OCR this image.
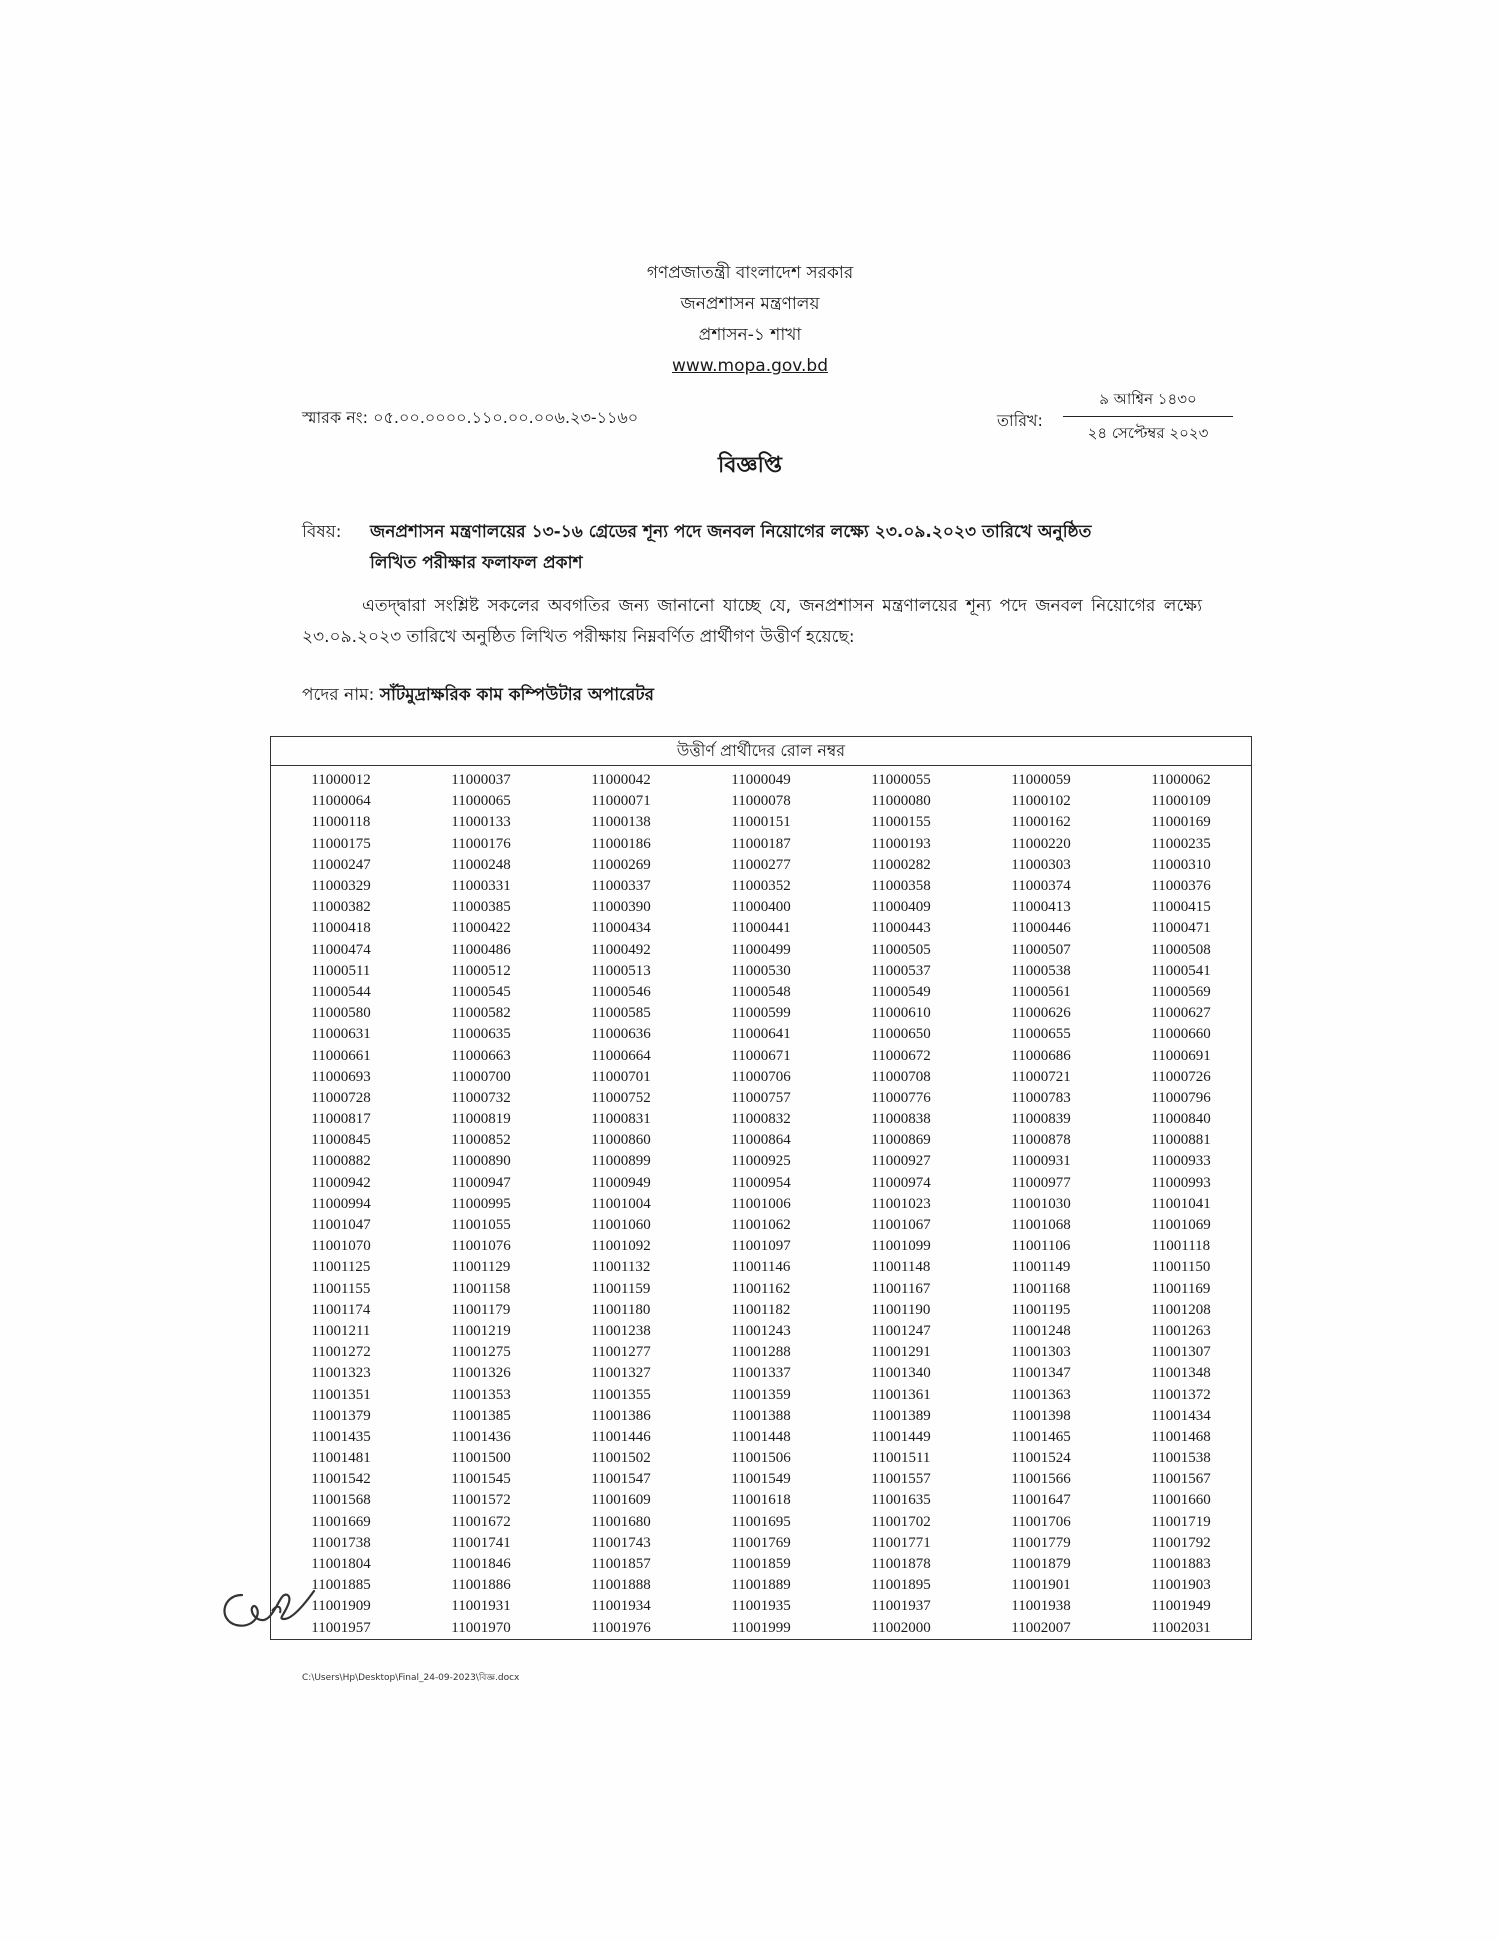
গণপ্রজাতন্ত্রী বাংলাদেশ সরকার
জনপ্রশাসন মন্ত্রণালয়
প্রশাসন-১ শাখা
www.mopa.gov.bd
স্মারক নং: ০৫.০০.০০০০.১১০.০০.০০৬.২৩-১১৬০	তারিখ:
৯ আশ্বিন ১৪৩০
২৪ সেপ্টেম্বর ২০২৩
বিজ্ঞপ্তি
বিষয়: জনপ্রশাসন মন্ত্রণালয়ের ১৩-১৬ গ্রেডের শূন্য পদে জনবল নিয়োগের লক্ষ্যে ২৩.০৯.২০২৩ তারিখে অনুষ্ঠিত
লিখিত পরীক্ষার ফলাফল প্রকাশ
এতদ্দ্বারা সংশ্লিষ্ট সকলের অবগতির জন্য জানানো যাচ্ছে যে, জনপ্রশাসন মন্ত্রণালয়ের শূন্য পদে জনবল নিয়োগের লক্ষ্যে ২৩.০৯.২০২৩ তারিখে অনুষ্ঠিত লিখিত পরীক্ষায় নিম্নবর্ণিত প্রার্থীগণ উত্তীর্ণ হয়েছে:
পদের নাম: সাঁটমুদ্রাক্ষরিক কাম কম্পিউটার অপারেটর
উত্তীর্ণ প্রার্থীদের রোল নম্বর
11000012	11000037	11000042	11000049	11000055	11000059	11000062
11000064	11000065	11000071	11000078	11000080	11000102	11000109
11000118	11000133	11000138	11000151	11000155	11000162	11000169
11000175	11000176	11000186	11000187	11000193	11000220	11000235
11000247	11000248	11000269	11000277	11000282	11000303	11000310
11000329	11000331	11000337	11000352	11000358	11000374	11000376
11000382	11000385	11000390	11000400	11000409	11000413	11000415
11000418	11000422	11000434	11000441	11000443	11000446	11000471
11000474	11000486	11000492	11000499	11000505	11000507	11000508
11000511	11000512	11000513	11000530	11000537	11000538	11000541
11000544	11000545	11000546	11000548	11000549	11000561	11000569
11000580	11000582	11000585	11000599	11000610	11000626	11000627
11000631	11000635	11000636	11000641	11000650	11000655	11000660
11000661	11000663	11000664	11000671	11000672	11000686	11000691
11000693	11000700	11000701	11000706	11000708	11000721	11000726
11000728	11000732	11000752	11000757	11000776	11000783	11000796
11000817	11000819	11000831	11000832	11000838	11000839	11000840
11000845	11000852	11000860	11000864	11000869	11000878	11000881
11000882	11000890	11000899	11000925	11000927	11000931	11000933
11000942	11000947	11000949	11000954	11000974	11000977	11000993
11000994	11000995	11001004	11001006	11001023	11001030	11001041
11001047	11001055	11001060	11001062	11001067	11001068	11001069
11001070	11001076	11001092	11001097	11001099	11001106	11001118
11001125	11001129	11001132	11001146	11001148	11001149	11001150
11001155	11001158	11001159	11001162	11001167	11001168	11001169
11001174	11001179	11001180	11001182	11001190	11001195	11001208
11001211	11001219	11001238	11001243	11001247	11001248	11001263
11001272	11001275	11001277	11001288	11001291	11001303	11001307
11001323	11001326	11001327	11001337	11001340	11001347	11001348
11001351	11001353	11001355	11001359	11001361	11001363	11001372
11001379	11001385	11001386	11001388	11001389	11001398	11001434
11001435	11001436	11001446	11001448	11001449	11001465	11001468
11001481	11001500	11001502	11001506	11001511	11001524	11001538
11001542	11001545	11001547	11001549	11001557	11001566	11001567
11001568	11001572	11001609	11001618	11001635	11001647	11001660
11001669	11001672	11001680	11001695	11001702	11001706	11001719
11001738	11001741	11001743	11001769	11001771	11001779	11001792
11001804	11001846	11001857	11001859	11001878	11001879	11001883
11001885	11001886	11001888	11001889	11001895	11001901	11001903
11001909	11001931	11001934	11001935	11001937	11001938	11001949
11001957	11001970	11001976	11001999	11002000	11002007	11002031
C:\Users\Hp\Desktop\Final_24-09-2023\বিজ্ঞ.docx
